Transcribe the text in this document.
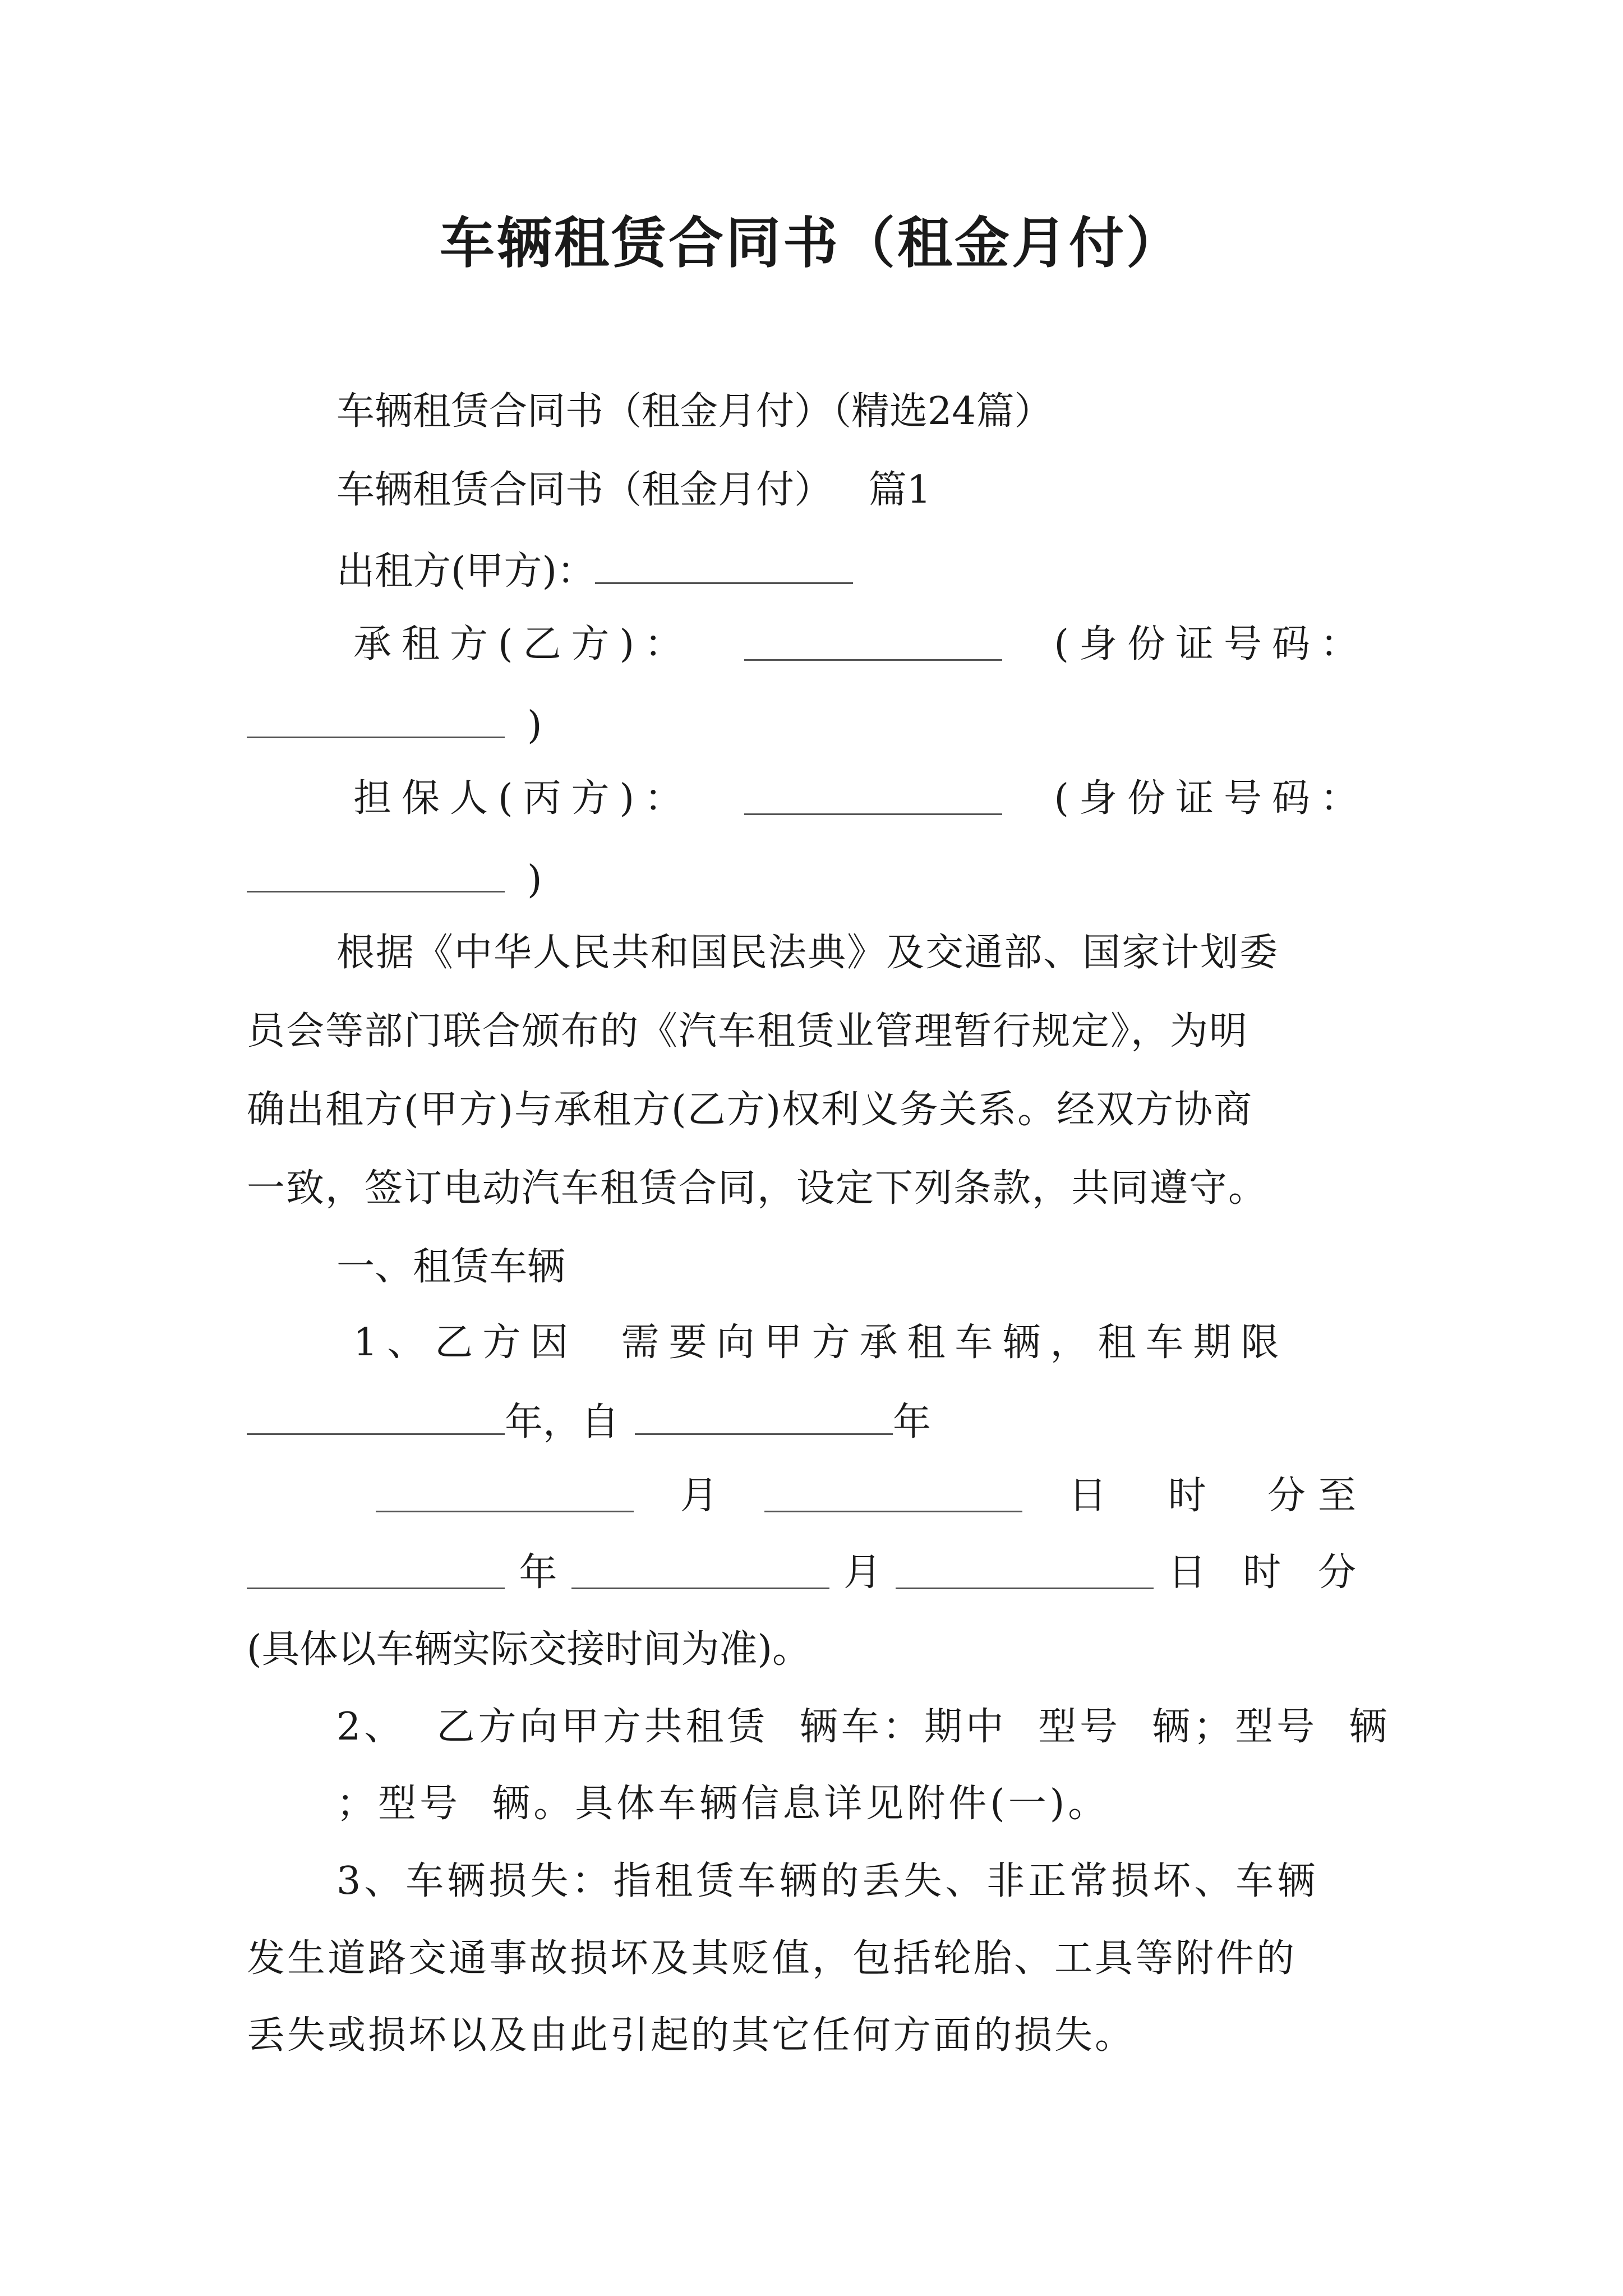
车辆租赁合同书（租金月付）
车辆租赁合同书（租金月付）（精选24篇）
车辆租赁合同书（租金月付）   篇1
出租方(甲方)：
承租方(乙方)：	(身份证号码：
)
担保人(丙方)：	(身份证号码：
)
根据《中华人民共和国民法典》及交通部、国家计划委
员会等部门联合颁布的《汽车租赁业管理暂行规定》，为明
确出租方(甲方)与承租方(乙方)权利义务关系。经双方协商
一致，签订电动汽车租赁合同，设定下列条款，共同遵守。
一、租赁车辆
1、乙方因  需要向甲方承租车辆，租车期限
年，自	年
月	日  时  分至
年	月	日 时 分
(具体以车辆实际交接时间为准)。
2、  乙方向甲方共租赁  辆车：期中  型号  辆；型号  辆
；型号  辆。具体车辆信息详见附件(一)。
3、车辆损失：指租赁车辆的丢失、非正常损坏、车辆
发生道路交通事故损坏及其贬值，包括轮胎、工具等附件的
丢失或损坏以及由此引起的其它任何方面的损失。
